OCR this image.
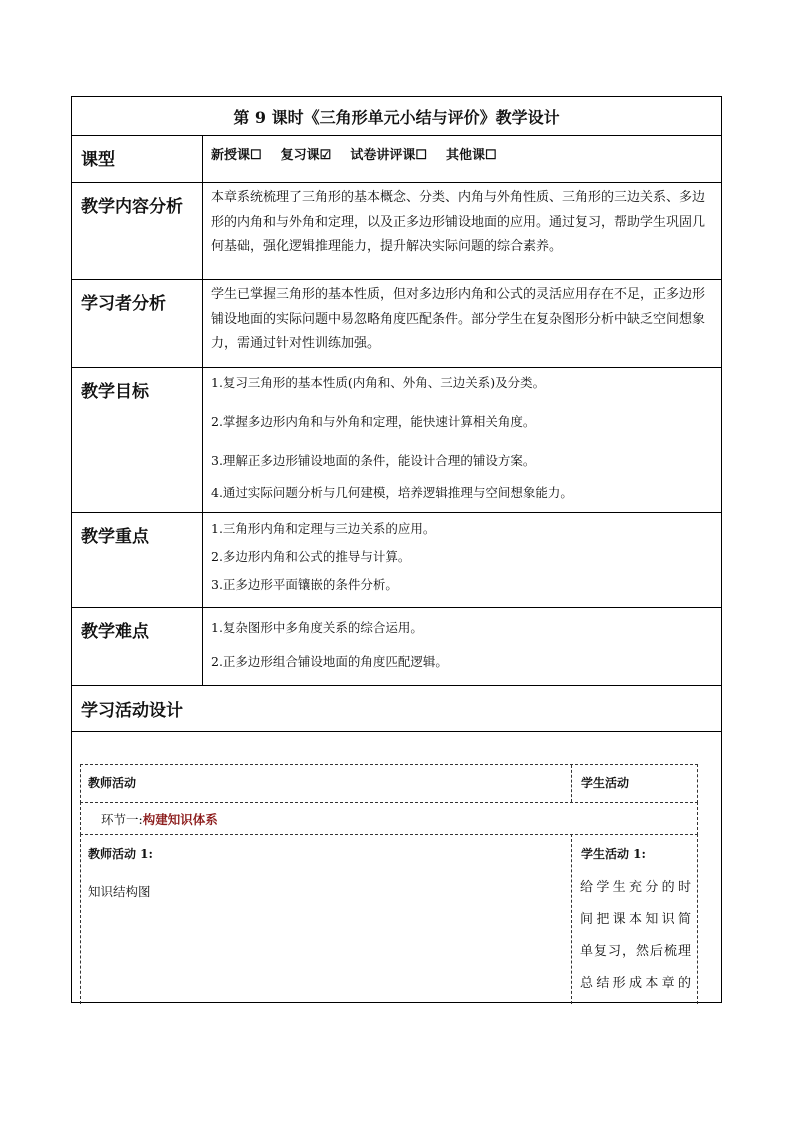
第 9 课时《三角形单元小结与评价》教学设计
课型	新授课☐ 复习课☑ 试卷讲评课☐ 其他课☐
教学内容分析	本章系统梳理了三角形的基本概念、分类、内角与外角性质、三角形的三边关系、多边形的内角和与外角和定理，以及正多边形铺设地面的应用。通过复习，帮助学生巩固几何基础，强化逻辑推理能力，提升解决实际问题的综合素养。
学习者分析	学生已掌握三角形的基本性质，但对多边形内角和公式的灵活应用存在不足，正多边形铺设地面的实际问题中易忽略角度匹配条件。部分学生在复杂图形分析中缺乏空间想象力，需通过针对性训练加强。
教学目标	1.复习三角形的基本性质(内角和、外角、三边关系)及分类。
2.掌握多边形内角和与外角和定理，能快速计算相关角度。
3.理解正多边形铺设地面的条件，能设计合理的铺设方案。
4.通过实际问题分析与几何建模，培养逻辑推理与空间想象能力。
教学重点	1.三角形内角和定理与三边关系的应用。
2.多边形内角和公式的推导与计算。
3.正多边形平面镶嵌的条件分析。
教学难点	1.复杂图形中多角度关系的综合运用。
2.正多边形组合铺设地面的角度匹配逻辑。
学习活动设计
教师活动	学生活动
环节一:构建知识体系
教师活动 1:
知识结构图
学生活动 1:
给学生充分的时
间把课本知识简
单复习，然后梳理
总结形成本章的
